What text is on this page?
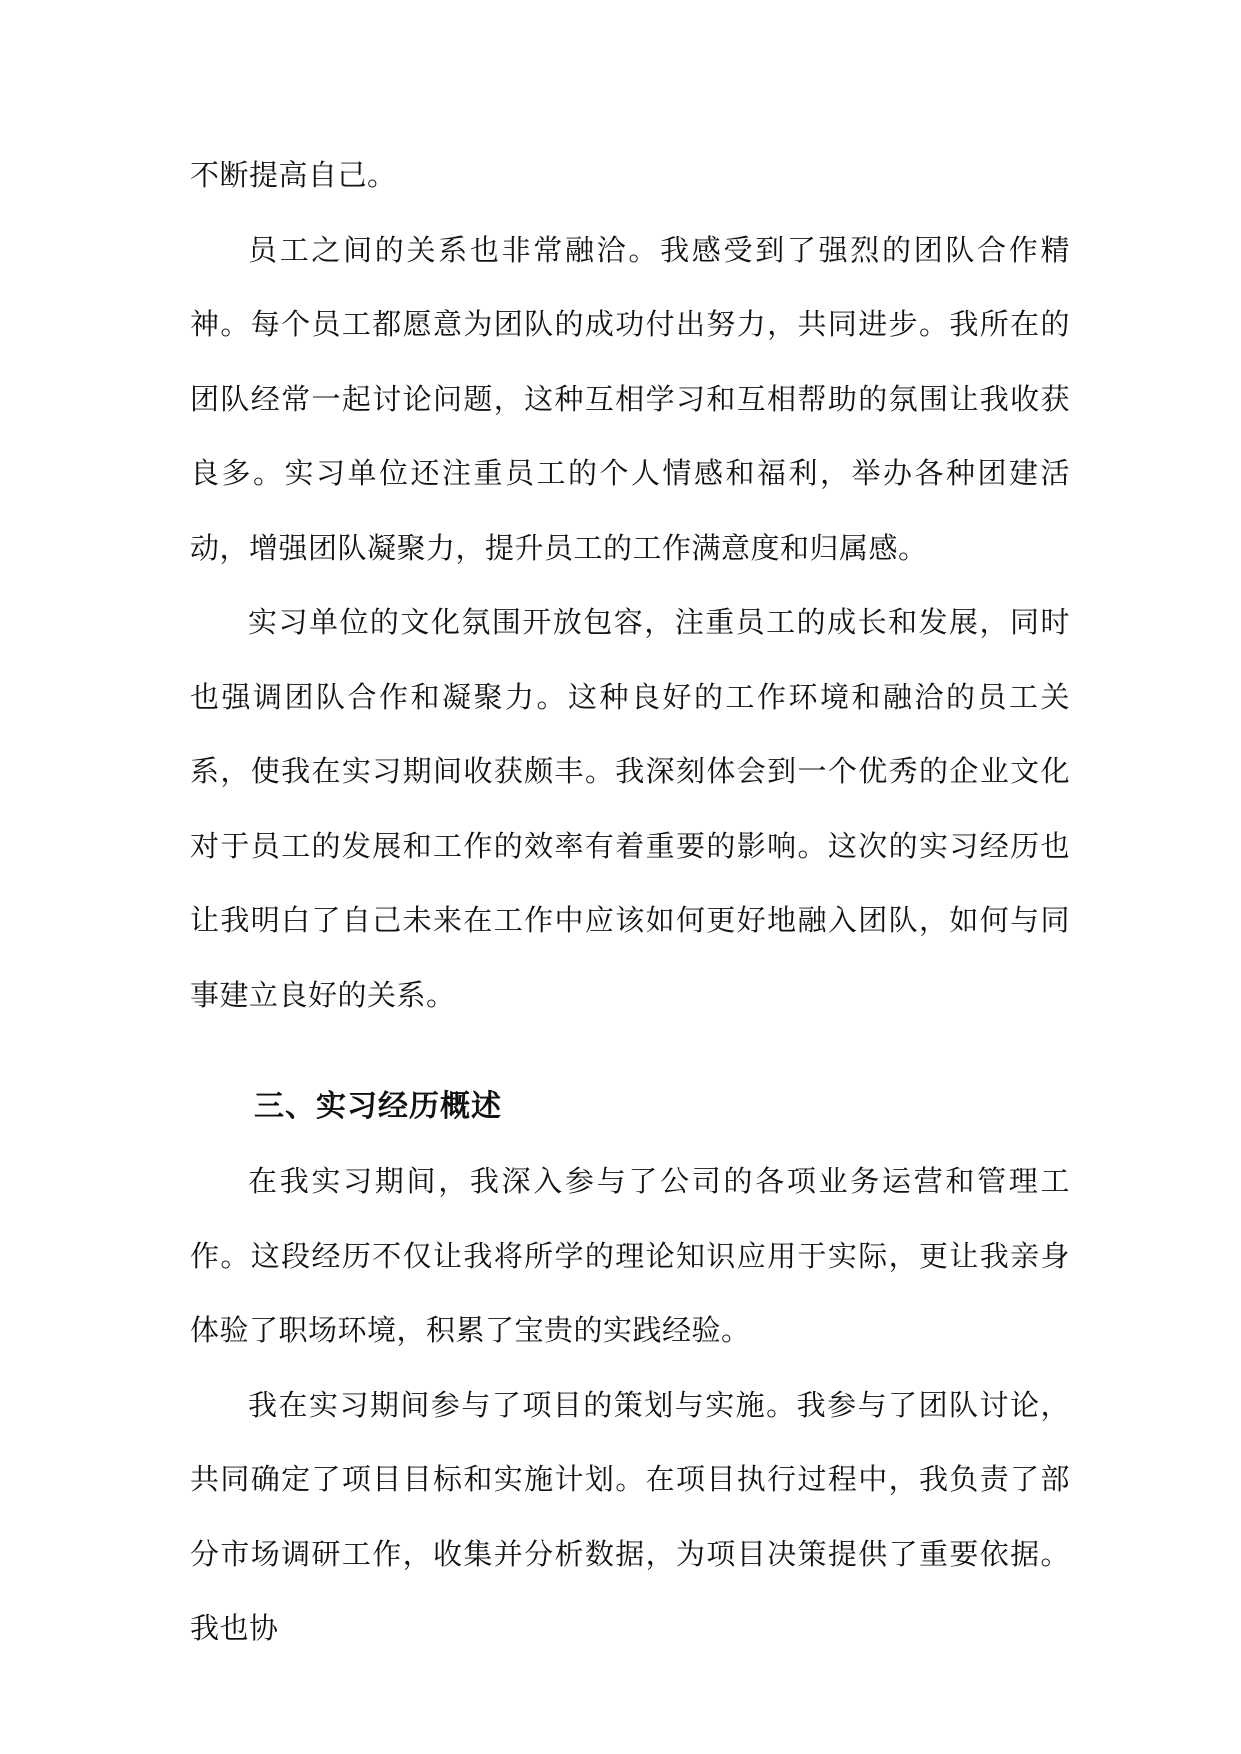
不断提高自己。

员工之间的关系也非常融洽。我感受到了强烈的团队合作精神。每个员工都愿意为团队的成功付出努力，共同进步。我所在的团队经常一起讨论问题，这种互相学习和互相帮助的氛围让我收获良多。实习单位还注重员工的个人情感和福利，举办各种团建活动，增强团队凝聚力，提升员工的工作满意度和归属感。

实习单位的文化氛围开放包容，注重员工的成长和发展，同时也强调团队合作和凝聚力。这种良好的工作环境和融洽的员工关系，使我在实习期间收获颇丰。我深刻体会到一个优秀的企业文化对于员工的发展和工作的效率有着重要的影响。这次的实习经历也让我明白了自己未来在工作中应该如何更好地融入团队，如何与同事建立良好的关系。

三、实习经历概述

在我实习期间，我深入参与了公司的各项业务运营和管理工作。这段经历不仅让我将所学的理论知识应用于实际，更让我亲身体验了职场环境，积累了宝贵的实践经验。

我在实习期间参与了项目的策划与实施。我参与了团队讨论，共同确定了项目目标和实施计划。在项目执行过程中，我负责了部分市场调研工作，收集并分析数据，为项目决策提供了重要依据。我也协
